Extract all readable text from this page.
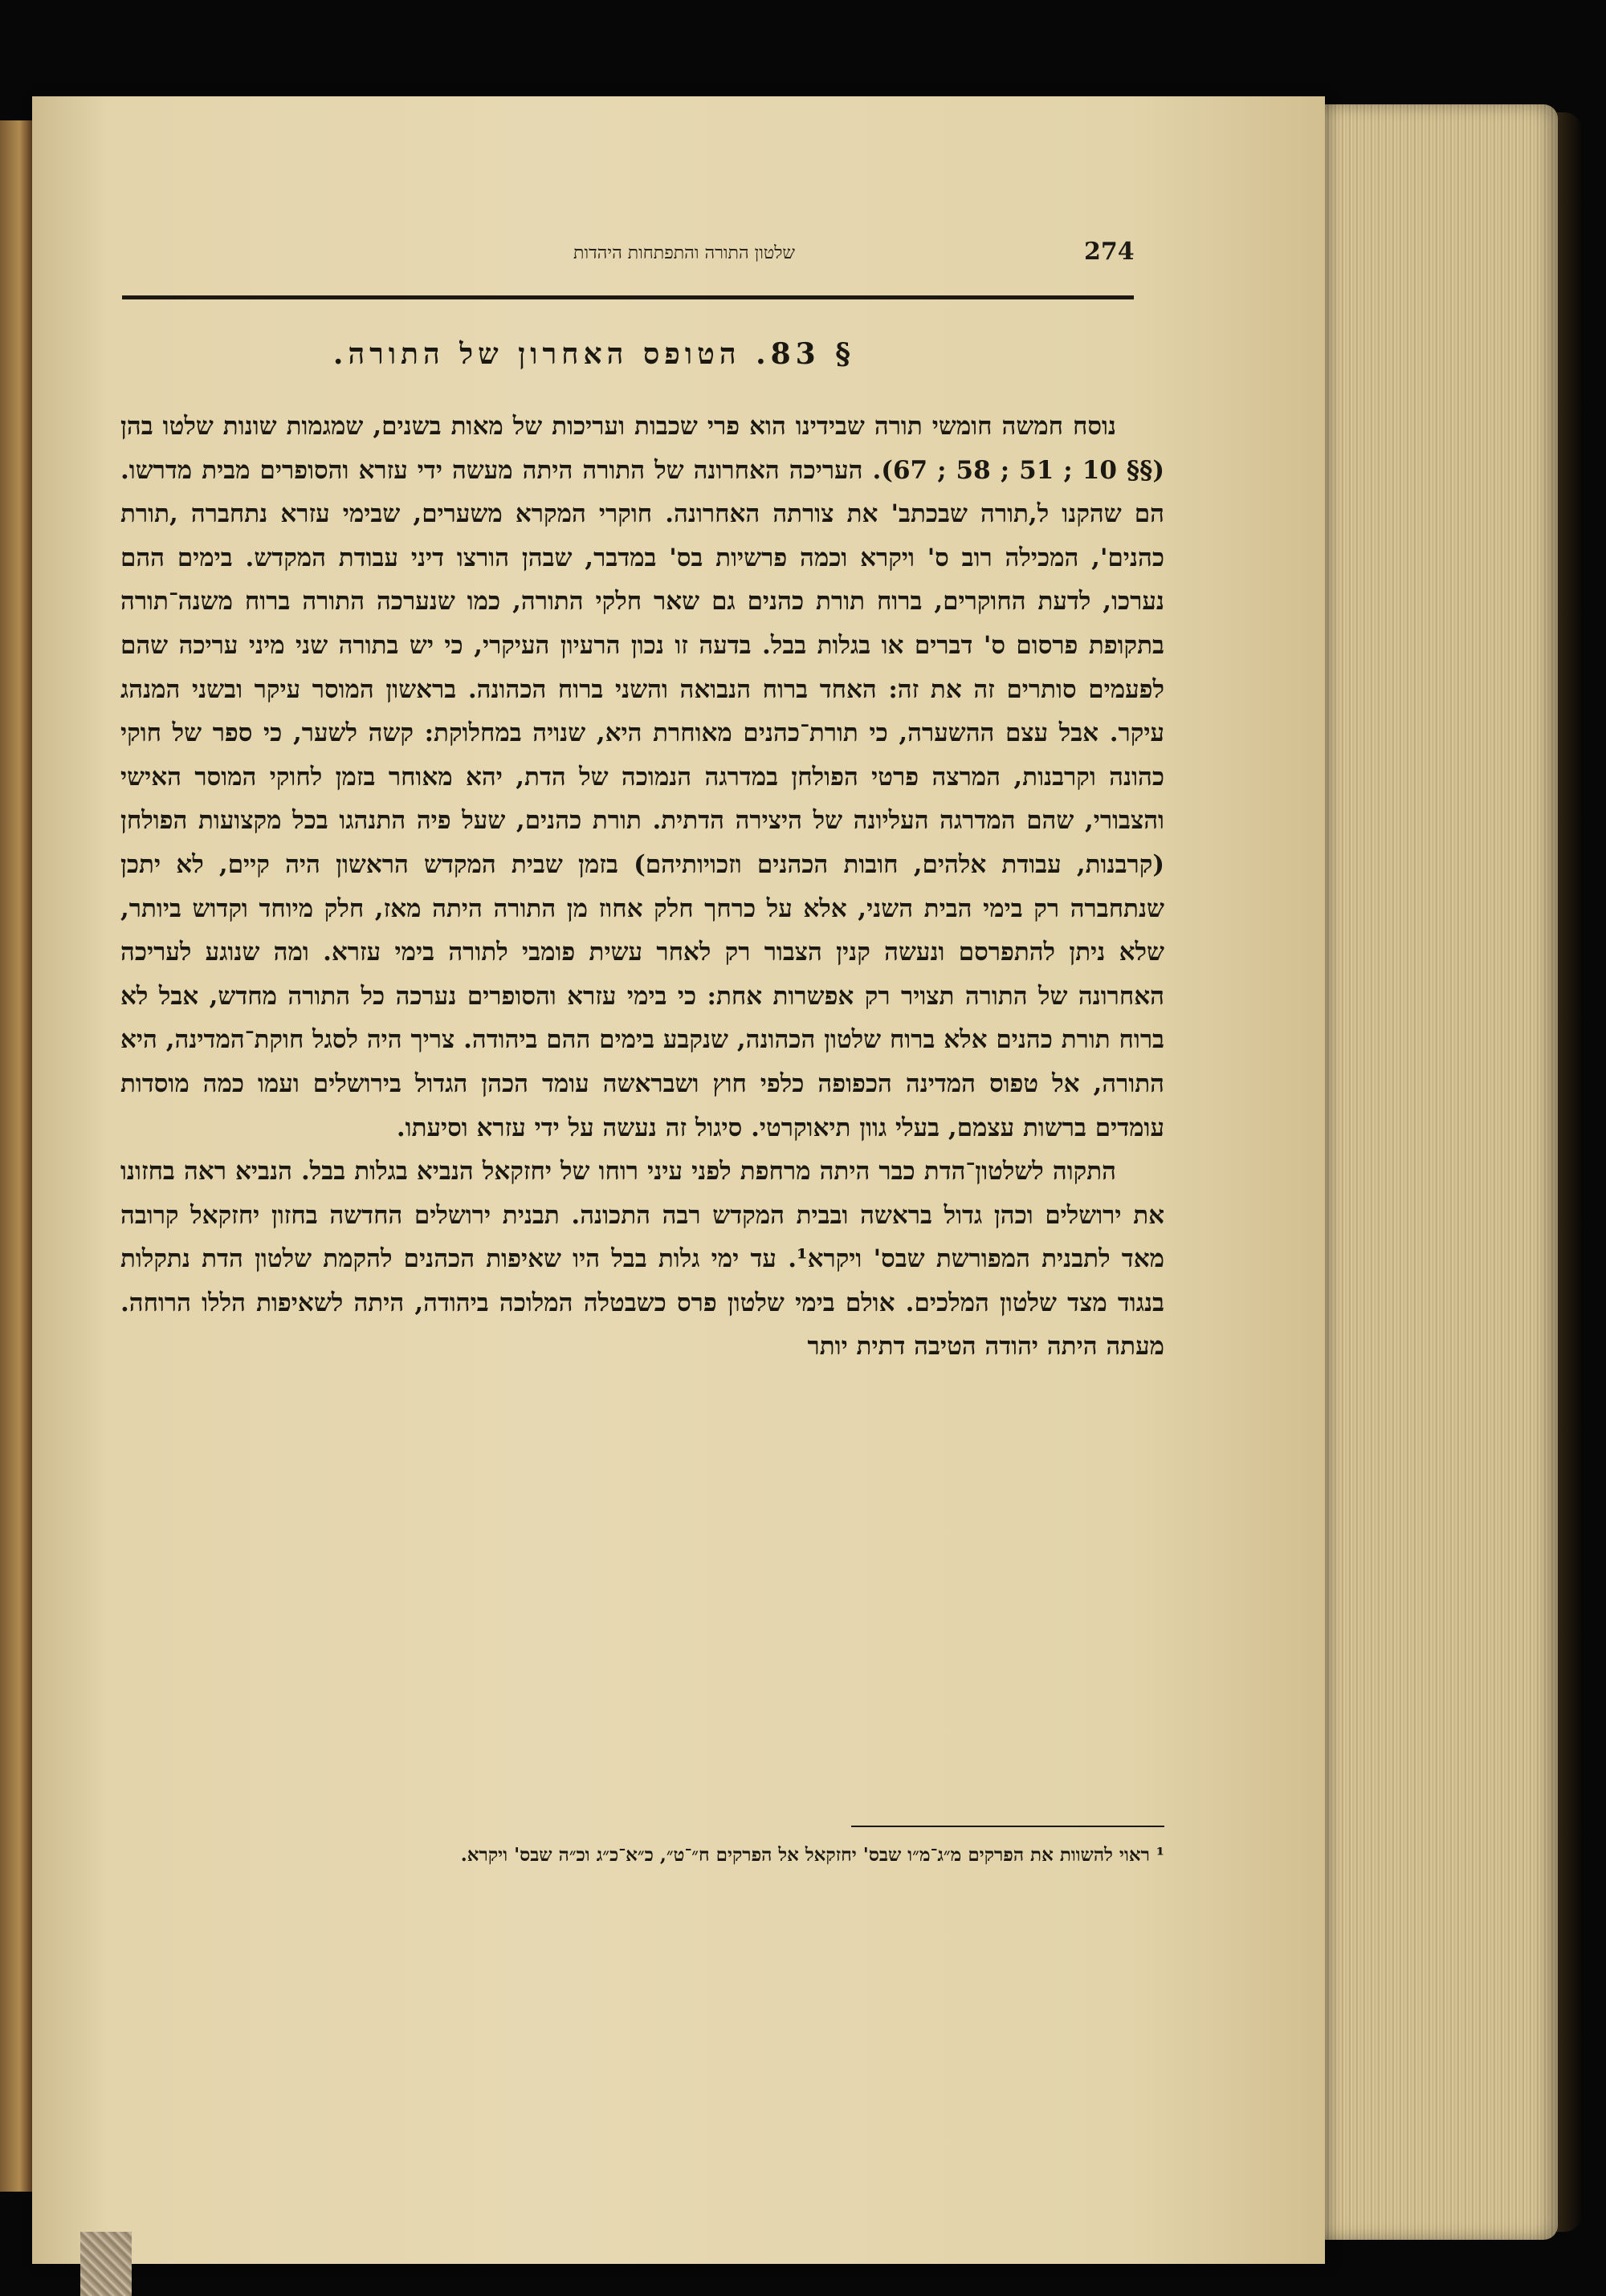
שלטון התורה והתפתחות היהדות	274
§ 83. הטופס האחרון של התורה.

נוסח חמשה חומשי תורה שבידינו הוא פרי שכבות ועריכות של מאות בשנים, שמגמות שונות שלטו בהן (§§ 10 ; 51 ; 58 ; 67). העריכה האחרונה של התורה היתה מעשה ידי עזרא והסופרים מבית מדרשו. הם שהקנו ל,תורה שבכתב' את צורתה האחרונה. חוקרי המקרא משערים, שבימי עזרא נתחברה ,תורת כהנים', המכילה רוב ס' ויקרא וכמה פרשיות בס' במדבר, שבהן הורצו דיני עבודת המקדש. בימים ההם נערכו, לדעת החוקרים, ברוח תורת כהנים גם שאר חלקי התורה, כמו שנערכה התורה ברוח משנה־תורה בתקופת פרסום ס' דברים או בגלות בבל. בדעה זו נכון הרעיון העיקרי, כי יש בתורה שני מיני עריכה שהם לפעמים סותרים זה את זה: האחד ברוח הנבואה והשני ברוח הכהונה. בראשון המוסר עיקר ובשני המנהג עיקר. אבל עצם ההשערה, כי תורת־כהנים מאוחרת היא, שנויה במחלוקת: קשה לשער, כי ספר של חוקי כהונה וקרבנות, המרצה פרטי הפולחן במדרגה הנמוכה של הדת, יהא מאוחר בזמן לחוקי המוסר האישי והצבורי, שהם המדרגה העליונה של היצירה הדתית. תורת כהנים, שעל פיה התנהגו בכל מקצועות הפולחן (קרבנות, עבודת אלהים, חובות הכהנים וזכויותיהם) בזמן שבית המקדש הראשון היה קיים, לא יתכן שנתחברה רק בימי הבית השני, אלא על כרחך חלק אחוז מן התורה היתה מאז, חלק מיוחד וקדוש ביותר, שלא ניתן להתפרסם ונעשה קנין הצבור רק לאחר עשית פומבי לתורה בימי עזרא. ומה שנוגע לעריכה האחרונה של התורה תצויר רק אפשרות אחת: כי בימי עזרא והסופרים נערכה כל התורה מחדש, אבל לא ברוח תורת כהנים אלא ברוח שלטון הכהונה, שנקבע בימים ההם ביהודה. צריך היה לסגל חוקת־המדינה, היא התורה, אל טפוס המדינה הכפופה כלפי חוץ ושבראשה עומד הכהן הגדול בירושלים ועמו כמה מוסדות עומדים ברשות עצמם, בעלי גוון תיאוקרטי. סיגול זה נעשה על ידי עזרא וסיעתו.

התקוה לשלטון־הדת כבר היתה מרחפת לפני עיני רוחו של יחזקאל הנביא בגלות בבל. הנביא ראה בחזונו את ירושלים וכהן גדול בראשה ובבית המקדש רבה התכונה. תבנית ירושלים החדשה בחזון יחזקאל קרובה מאד לתבנית המפורשת שבס' ויקרא¹. עד ימי גלות בבל היו שאיפות הכהנים להקמת שלטון הדת נתקלות בנגוד מצד שלטון המלכים. אולם בימי שלטון פרס כשבטלה המלוכה ביהודה, היתה לשאיפות הללו הרוחה. מעתה היתה יהודה הטיבה דתית יותר

¹ ראוי להשוות את הפרקים מ״ג־מ״ו שבס' יחזקאל אל הפרקים ח״־ט״, כ״א־כ״ג וכ״ה שבס' ויקרא.
